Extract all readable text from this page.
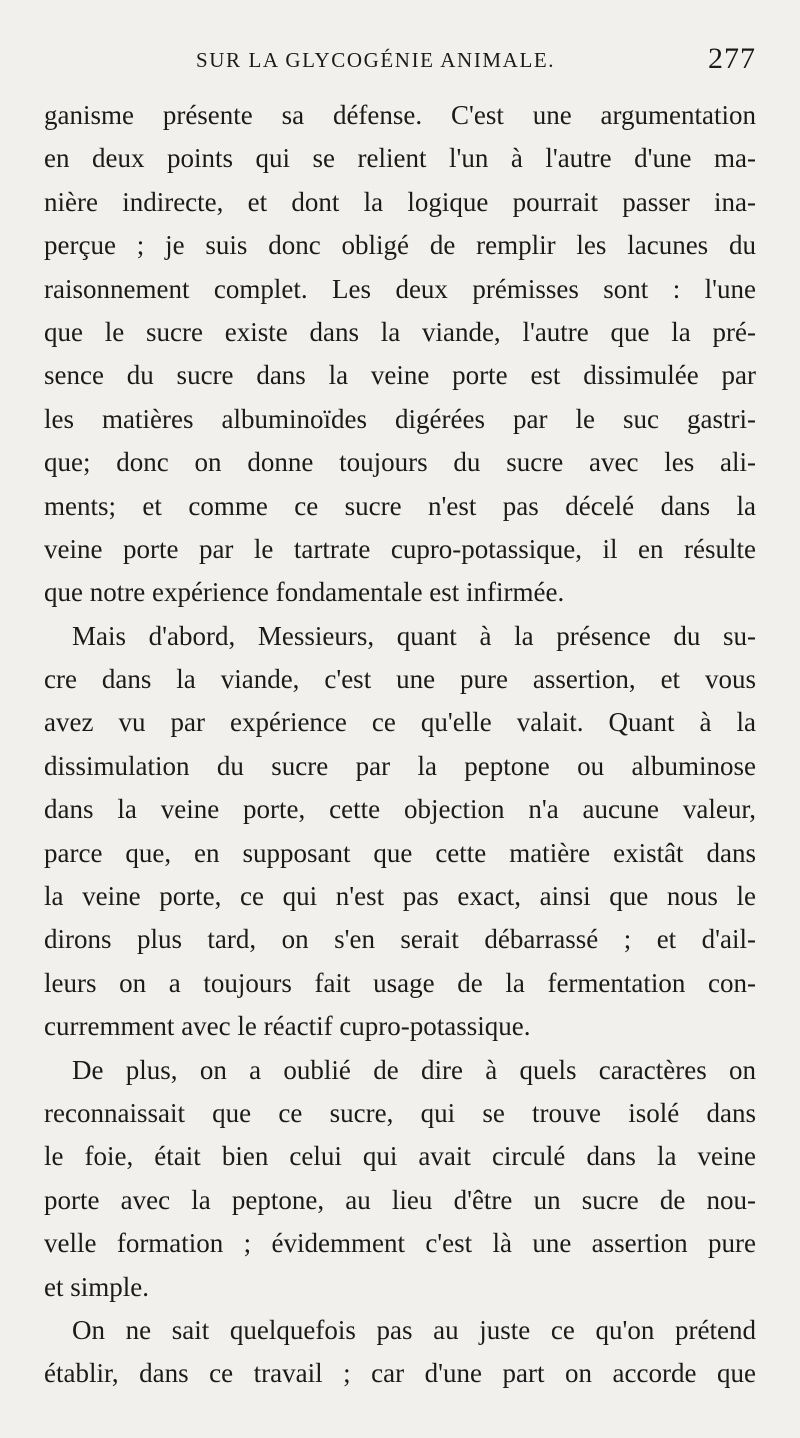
SUR LA GLYCOGÉNIE ANIMALE.	277

ganisme présente sa défense. C'est une argumentation
en deux points qui se relient l'un à l'autre d'une ma-
nière indirecte, et dont la logique pourrait passer ina-
perçue ; je suis donc obligé de remplir les lacunes du
raisonnement complet. Les deux prémisses sont : l'une
que le sucre existe dans la viande, l'autre que la pré-
sence du sucre dans la veine porte est dissimulée par
les matières albuminoïdes digérées par le suc gastri-
que; donc on donne toujours du sucre avec les ali-
ments; et comme ce sucre n'est pas décelé dans la
veine porte par le tartrate cupro-potassique, il en résulte
que notre expérience fondamentale est infirmée.

Mais d'abord, Messieurs, quant à la présence du su-
cre dans la viande, c'est une pure assertion, et vous
avez vu par expérience ce qu'elle valait. Quant à la
dissimulation du sucre par la peptone ou albuminose
dans la veine porte, cette objection n'a aucune valeur,
parce que, en supposant que cette matière existât dans
la veine porte, ce qui n'est pas exact, ainsi que nous le
dirons plus tard, on s'en serait débarrassé ; et d'ail-
leurs on a toujours fait usage de la fermentation con-
curremment avec le réactif cupro-potassique.

De plus, on a oublié de dire à quels caractères on
reconnaissait que ce sucre, qui se trouve isolé dans
le foie, était bien celui qui avait circulé dans la veine
porte avec la peptone, au lieu d'être un sucre de nou-
velle formation ; évidemment c'est là une assertion pure
et simple.

On ne sait quelquefois pas au juste ce qu'on prétend
établir, dans ce travail ; car d'une part on accorde que
